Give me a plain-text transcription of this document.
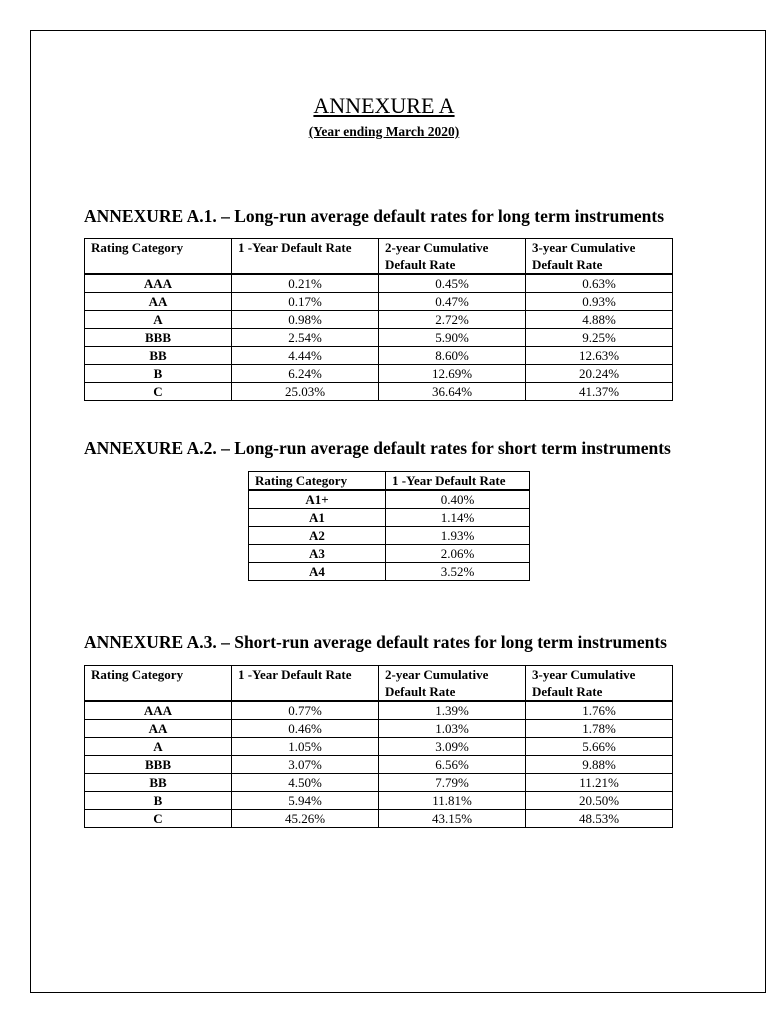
ANNEXURE A
(Year ending March 2020)
ANNEXURE A.1. – Long-run average default rates for long term instruments
Rating Category	1 -Year Default Rate	2-year Cumulative Default Rate	3-year Cumulative Default Rate
AAA	0.21%	0.45%	0.63%
AA	0.17%	0.47%	0.93%
A	0.98%	2.72%	4.88%
BBB	2.54%	5.90%	9.25%
BB	4.44%	8.60%	12.63%
B	6.24%	12.69%	20.24%
C	25.03%	36.64%	41.37%
ANNEXURE A.2. – Long-run average default rates for short term instruments
Rating Category	1 -Year Default Rate
A1+	0.40%
A1	1.14%
A2	1.93%
A3	2.06%
A4	3.52%
ANNEXURE A.3. – Short-run average default rates for long term instruments
Rating Category	1 -Year Default Rate	2-year Cumulative Default Rate	3-year Cumulative Default Rate
AAA	0.77%	1.39%	1.76%
AA	0.46%	1.03%	1.78%
A	1.05%	3.09%	5.66%
BBB	3.07%	6.56%	9.88%
BB	4.50%	7.79%	11.21%
B	5.94%	11.81%	20.50%
C	45.26%	43.15%	48.53%
